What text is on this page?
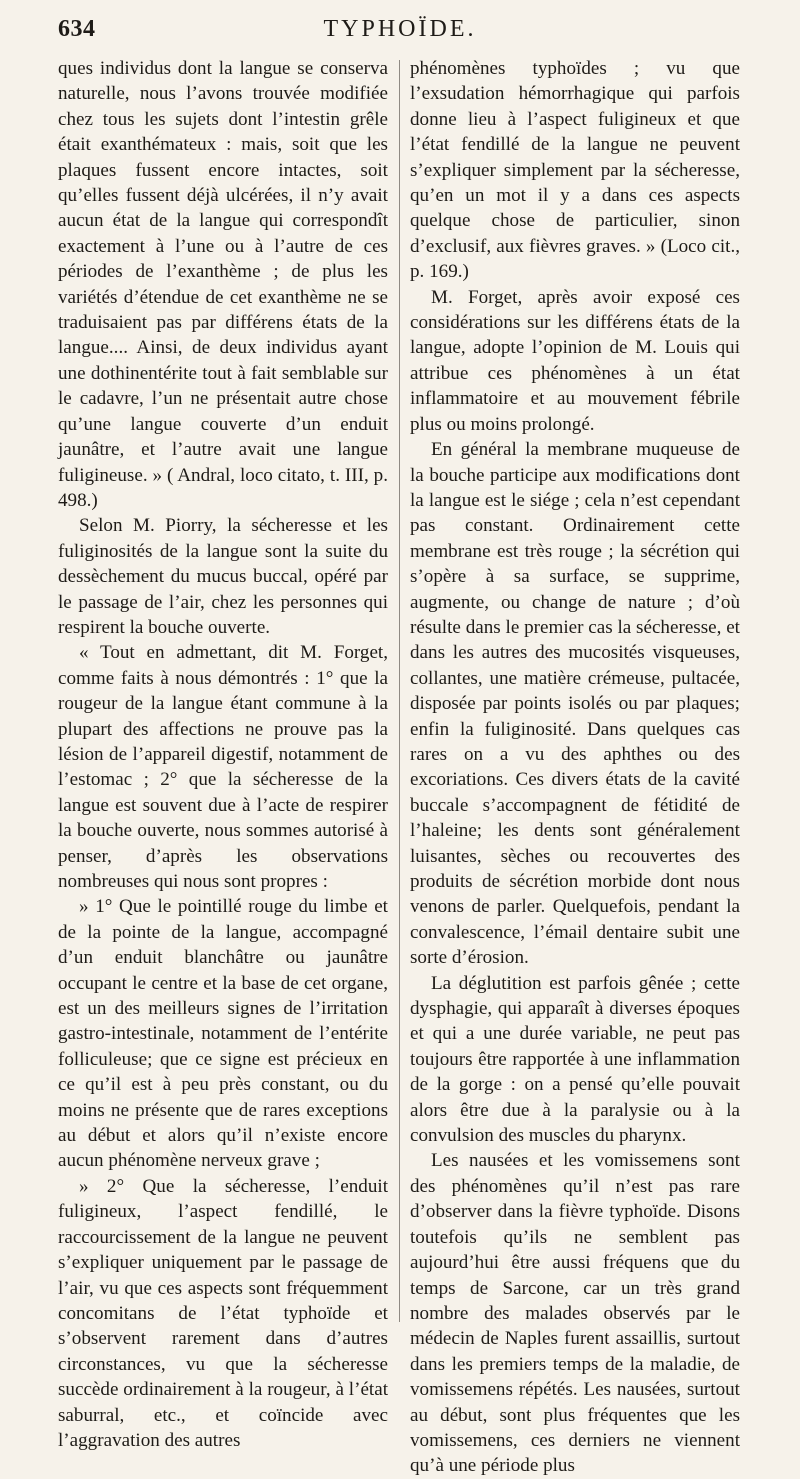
634	TYPHOÏDE.

ques individus dont la langue se conserva naturelle, nous l’avons trouvée modifiée chez tous les sujets dont l’intestin grêle était exanthémateux : mais, soit que les plaques fussent encore intactes, soit qu’elles fussent déjà ulcérées, il n’y avait aucun état de la langue qui correspondît exactement à l’une ou à l’autre de ces périodes de l’exanthème ; de plus les variétés d’étendue de cet exanthème ne se traduisaient pas par différens états de la langue.... Ainsi, de deux individus ayant une dothinentérite tout à fait semblable sur le cadavre, l’un ne présentait autre chose qu’une langue couverte d’un enduit jaunâtre, et l’autre avait une langue fuligineuse. » ( Andral, loco citato, t. III, p. 498.)

Selon M. Piorry, la sécheresse et les fuliginosités de la langue sont la suite du dessèchement du mucus buccal, opéré par le passage de l’air, chez les personnes qui respirent la bouche ouverte.

« Tout en admettant, dit M. Forget, comme faits à nous démontrés : 1° que la rougeur de la langue étant commune à la plupart des affections ne prouve pas la lésion de l’appareil digestif, notamment de l’estomac ; 2° que la sécheresse de la langue est souvent due à l’acte de respirer la bouche ouverte, nous sommes autorisé à penser, d’après les observations nombreuses qui nous sont propres :

» 1° Que le pointillé rouge du limbe et de la pointe de la langue, accompagné d’un enduit blanchâtre ou jaunâtre occupant le centre et la base de cet organe, est un des meilleurs signes de l’irritation gastro-intestinale, notamment de l’entérite folliculeuse; que ce signe est précieux en ce qu’il est à peu près constant, ou du moins ne présente que de rares exceptions au début et alors qu’il n’existe encore aucun phénomène nerveux grave ;

» 2° Que la sécheresse, l’enduit fuligineux, l’aspect fendillé, le raccourcissement de la langue ne peuvent s’expliquer uniquement par le passage de l’air, vu que ces aspects sont fréquemment concomitans de l’état typhoïde et s’observent rarement dans d’autres circonstances, vu que la sécheresse succède ordinairement à la rougeur, à l’état saburral, etc., et coïncide avec l’aggravation des autres

phénomènes typhoïdes ; vu que l’exsudation hémorrhagique qui parfois donne lieu à l’aspect fuligineux et que l’état fendillé de la langue ne peuvent s’expliquer simplement par la sécheresse, qu’en un mot il y a dans ces aspects quelque chose de particulier, sinon d’exclusif, aux fièvres graves. » (Loco cit., p. 169.)

M. Forget, après avoir exposé ces considérations sur les différens états de la langue, adopte l’opinion de M. Louis qui attribue ces phénomènes à un état inflammatoire et au mouvement fébrile plus ou moins prolongé.

En général la membrane muqueuse de la bouche participe aux modifications dont la langue est le siége ; cela n’est cependant pas constant. Ordinairement cette membrane est très rouge ; la sécrétion qui s’opère à sa surface, se supprime, augmente, ou change de nature ; d’où résulte dans le premier cas la sécheresse, et dans les autres des mucosités visqueuses, collantes, une matière crémeuse, pultacée, disposée par points isolés ou par plaques; enfin la fuliginosité. Dans quelques cas rares on a vu des aphthes ou des excoriations. Ces divers états de la cavité buccale s’accompagnent de fétidité de l’haleine; les dents sont généralement luisantes, sèches ou recouvertes des produits de sécrétion morbide dont nous venons de parler. Quelquefois, pendant la convalescence, l’émail dentaire subit une sorte d’érosion.

La déglutition est parfois gênée ; cette dysphagie, qui apparaît à diverses époques et qui a une durée variable, ne peut pas toujours être rapportée à une inflammation de la gorge : on a pensé qu’elle pouvait alors être due à la paralysie ou à la convulsion des muscles du pharynx.

Les nausées et les vomissemens sont des phénomènes qu’il n’est pas rare d’observer dans la fièvre typhoïde. Disons toutefois qu’ils ne semblent pas aujourd’hui être aussi fréquens que du temps de Sarcone, car un très grand nombre des malades observés par le médecin de Naples furent assaillis, surtout dans les premiers temps de la maladie, de vomissemens répétés. Les nausées, surtout au début, sont plus fréquentes que les vomissemens, ces derniers ne viennent qu’à une période plus
